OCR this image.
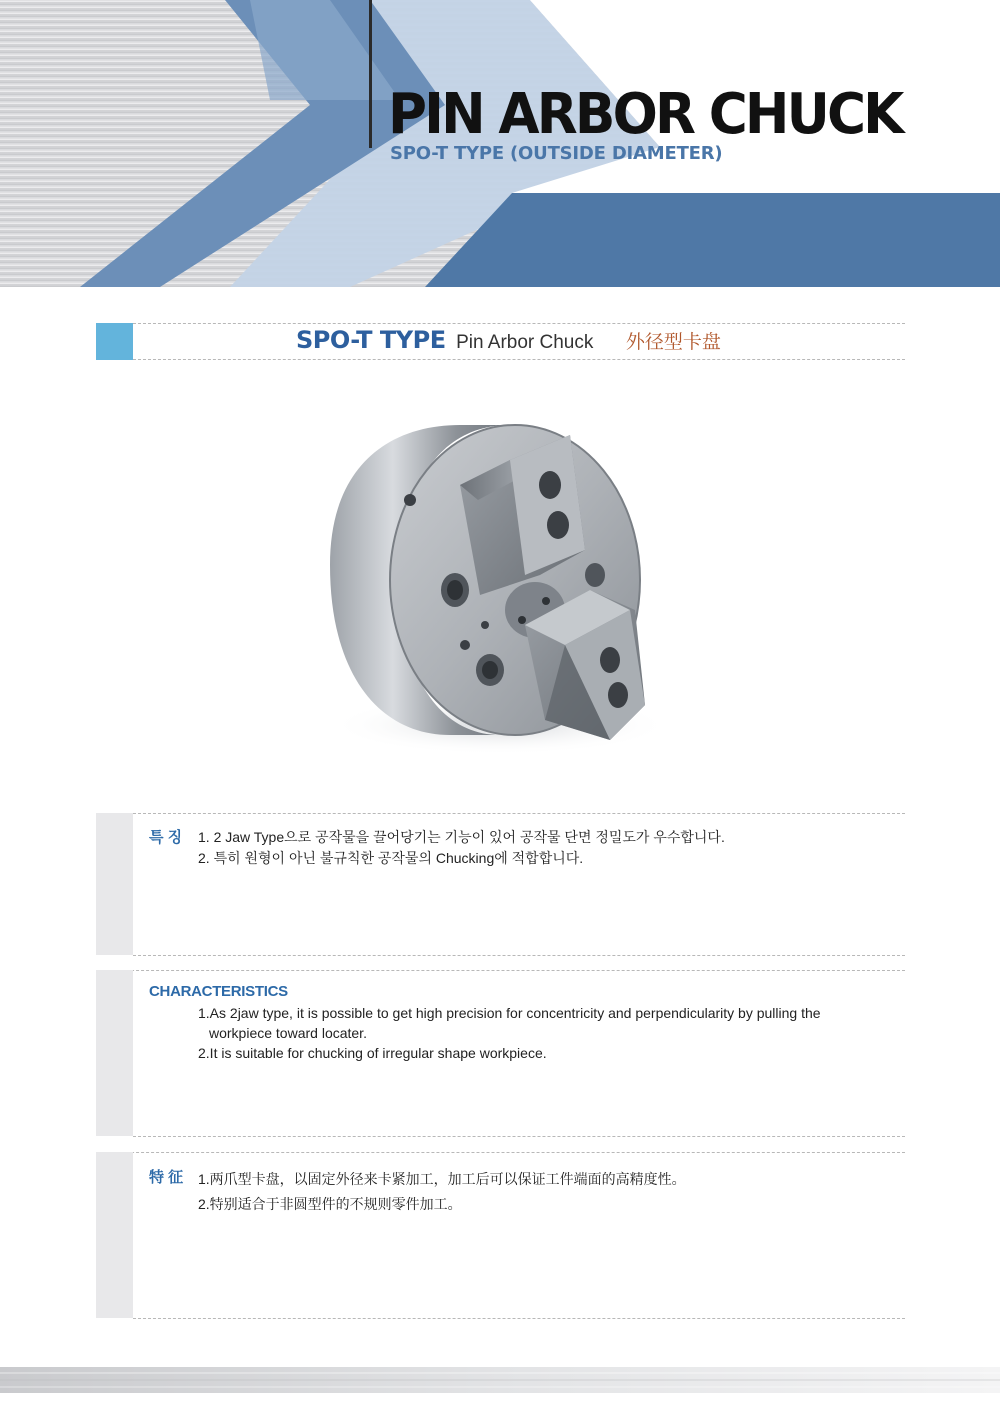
PIN ARBOR CHUCK
SPO-T TYPE (OUTSIDE DIAMETER)
SPO-T TYPE Pin Arbor Chuck 外径型卡盘
특 징 1. 2 Jaw Type으로 공작물을 끌어당기는 기능이 있어 공작물 단면 정밀도가 우수합니다.
2. 특히 원형이 아닌 불규칙한 공작물의 Chucking에 적합합니다.
CHARACTERISTICS
1.As 2jaw type, it is possible to get high precision for concentricity and perpendicularity by pulling the
workpiece toward locater.
2.It is suitable for chucking of irregular shape workpiece.
特 征 1.两爪型卡盘，以固定外径来卡紧加工，加工后可以保证工件端面的高精度性。
2.特别适合于非圆型件的不规则零件加工。
